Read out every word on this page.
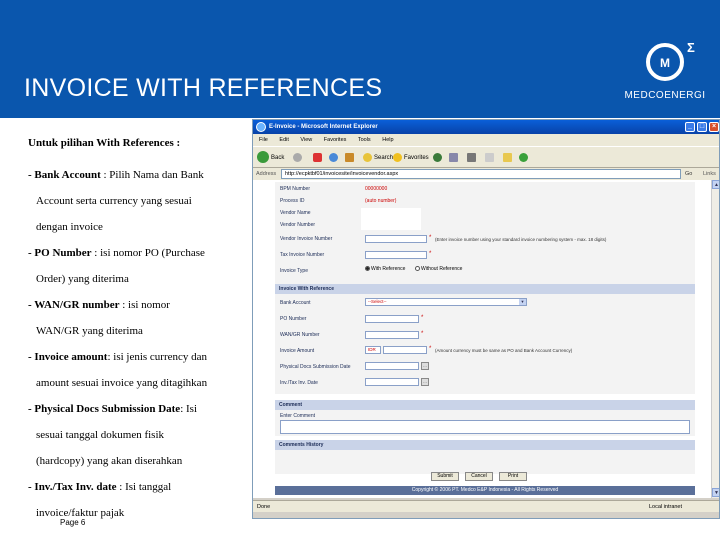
INVOICE WITH REFERENCES
M
Σ
MEDCOENERGI
Untuk pilihan With References :
- Bank Account : Pilih Nama dan Bank
Account serta currency yang sesuai
dengan invoice
- PO Number : isi nomor PO (Purchase
Order) yang diterima
- WAN/GR number : isi nomor
WAN/GR yang diterima
- Invoice amount: isi jenis currency dan
amount sesuai invoice yang ditagihkan
- Physical Docs Submission Date: Isi
sesuai tanggal dokumen fisik
(hardcopy) yang akan diserahkan
- Inv./Tax Inv. date : Isi tanggal
invoice/faktur pajak
Page 6
E-Invoice - Microsoft Internet Explorer	_	□	×
File Edit View Favorites Tools Help
Back	Search	Favorites
Address	http://ecpktbf01/invoicesite/invoicevendor.aspx	Go Links
BPM Number	00000000
Process ID	(auto number)
Vendor Name
Vendor Number
Vendor Invoice Number	* (Enter invoice number using your standard invoice numbering system - max. 18 digits)
Tax Invoice Number	*
Invoice Type	With Reference	Without Reference
Invoice With Reference
Bank Account	--Select--	▼
PO Number	*
WAN/GR Number	*
Invoice Amount	IDR	* (Amount currency must be same as PO and Bank Account Currency)
Physical Docs Submission Date	…
Inv./Tax Inv. Date	…
Comment
Enter Comment
Comments History
Submit	Cancel	Print
Copyright © 2006 PT. Medco E&P Indonesia - All Rights Reserved
▲
▼
Done	Local intranet
